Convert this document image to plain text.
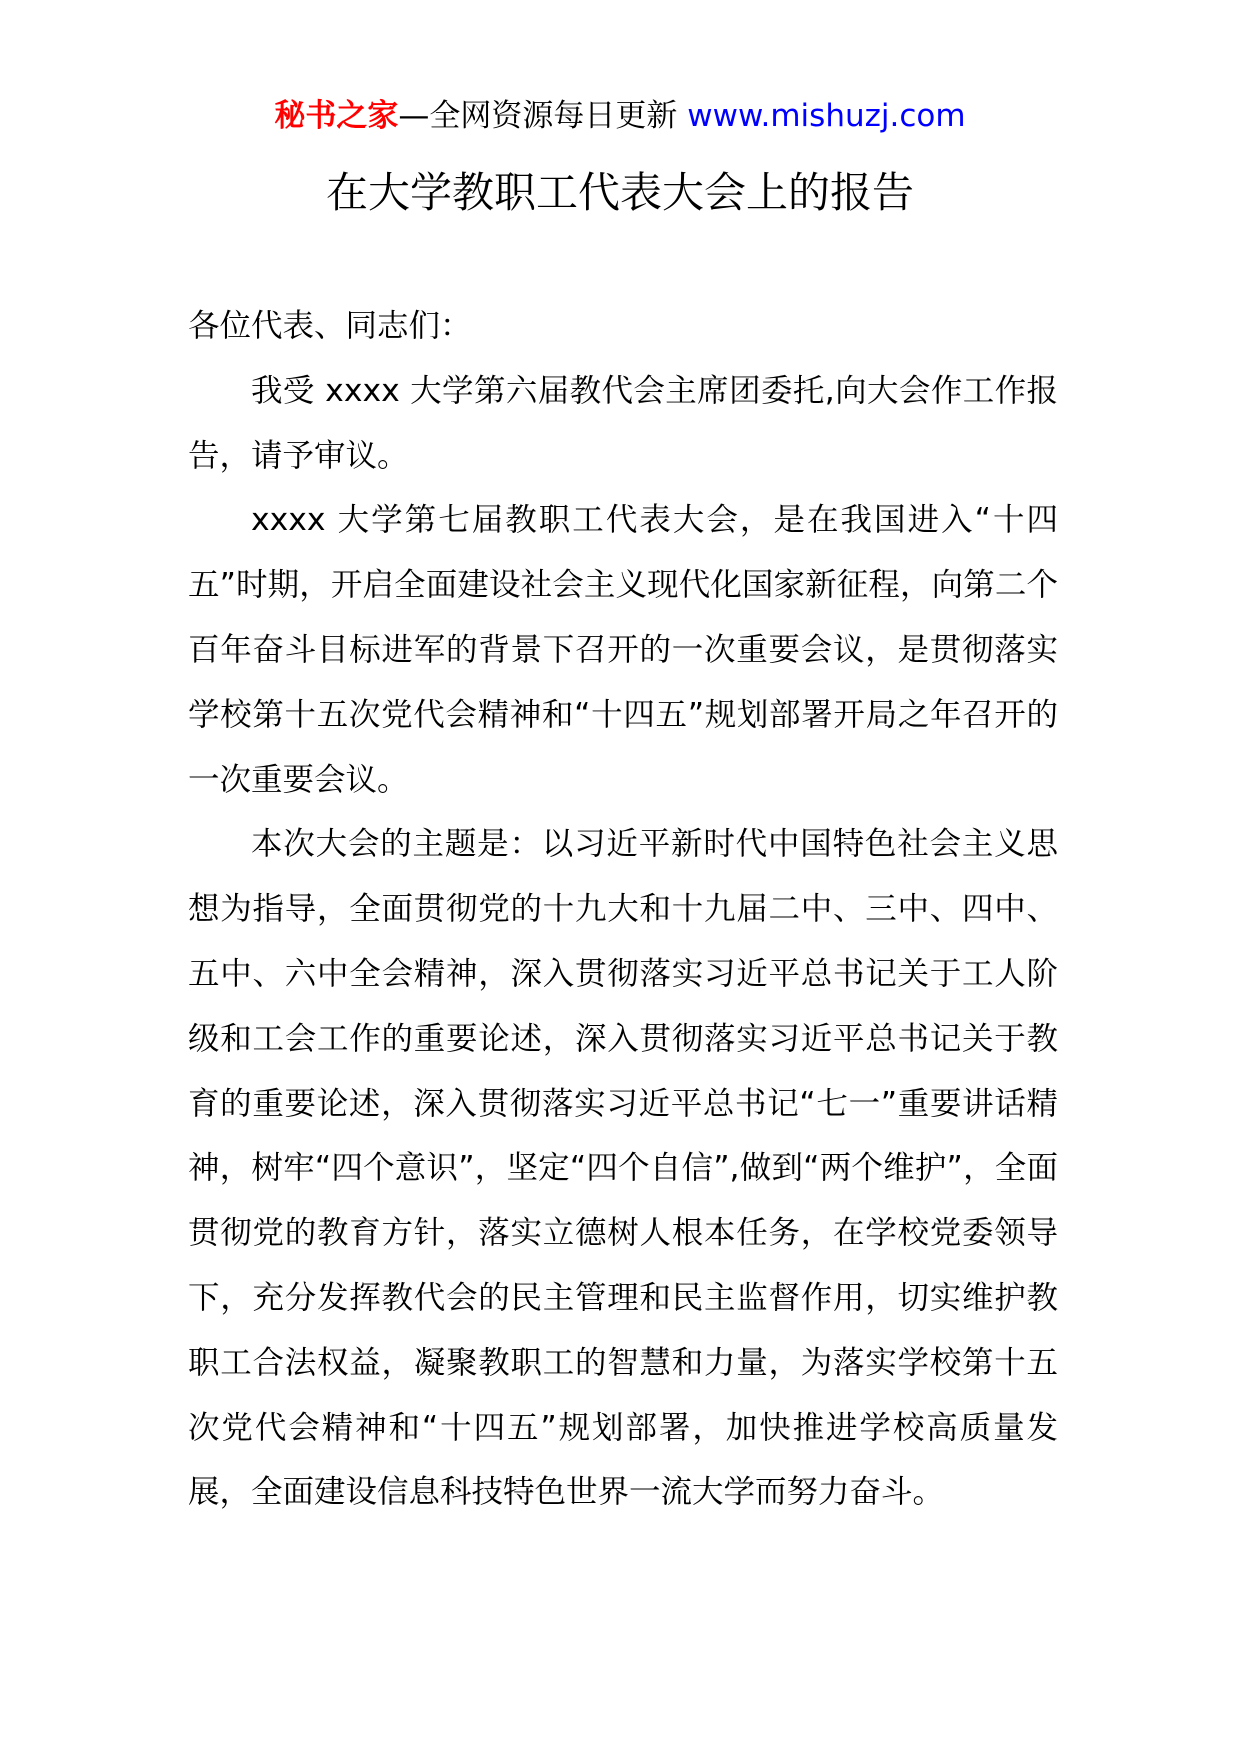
秘书之家—全网资源每日更新 www.mishuzj.com
在大学教职工代表大会上的报告

各位代表、同志们：

我受 xxxx 大学第六届教代会主席团委托,向大会作工作报告，请予审议。

xxxx 大学第七届教职工代表大会，是在我国进入“十四五”时期，开启全面建设社会主义现代化国家新征程，向第二个百年奋斗目标进军的背景下召开的一次重要会议，是贯彻落实学校第十五次党代会精神和“十四五”规划部署开局之年召开的一次重要会议。

本次大会的主题是：以习近平新时代中国特色社会主义思想为指导，全面贯彻党的十九大和十九届二中、三中、四中、五中、六中全会精神，深入贯彻落实习近平总书记关于工人阶级和工会工作的重要论述，深入贯彻落实习近平总书记关于教育的重要论述，深入贯彻落实习近平总书记“七一”重要讲话精神，树牢“四个意识”，坚定“四个自信”,做到“两个维护”，全面贯彻党的教育方针，落实立德树人根本任务，在学校党委领导下，充分发挥教代会的民主管理和民主监督作用，切实维护教职工合法权益，凝聚教职工的智慧和力量，为落实学校第十五次党代会精神和“十四五”规划部署，加快推进学校高质量发展，全面建设信息科技特色世界一流大学而努力奋斗。
